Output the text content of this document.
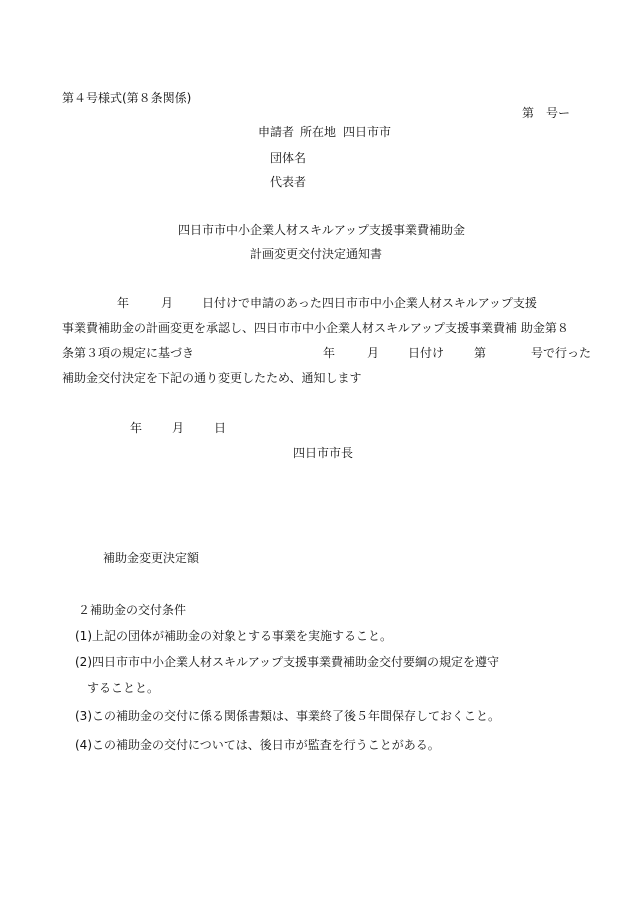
第４号様式(第８条関係)
第　号ー
申請者 所在地 四日市市
団体名
代表者
四日市市中小企業人材スキルアップ支援事業費補助金
計画変更交付決定通知書
年	月 日付けで申請のあった四日市市中小企業人材スキルアップ支援
事業費補助金の計画変更を承認し、四日市市中小企業人材スキルアップ支援事業費補 助金第８
条第３項の規定に基づき	年	月 日付け 第	号で行った
補助金交付決定を下記の通り変更したため、通知します
年 月 日
四日市市長
補助金変更決定額
２補助金の交付条件
(1)上記の団体が補助金の対象とする事業を実施すること。
(2)四日市市中小企業人材スキルアップ支援事業費補助金交付要綱の規定を遵守
　することと。
(3)この補助金の交付に係る関係書類は、事業終了後５年間保存しておくこと。
(4)この補助金の交付については、後日市が監査を行うことがある。
